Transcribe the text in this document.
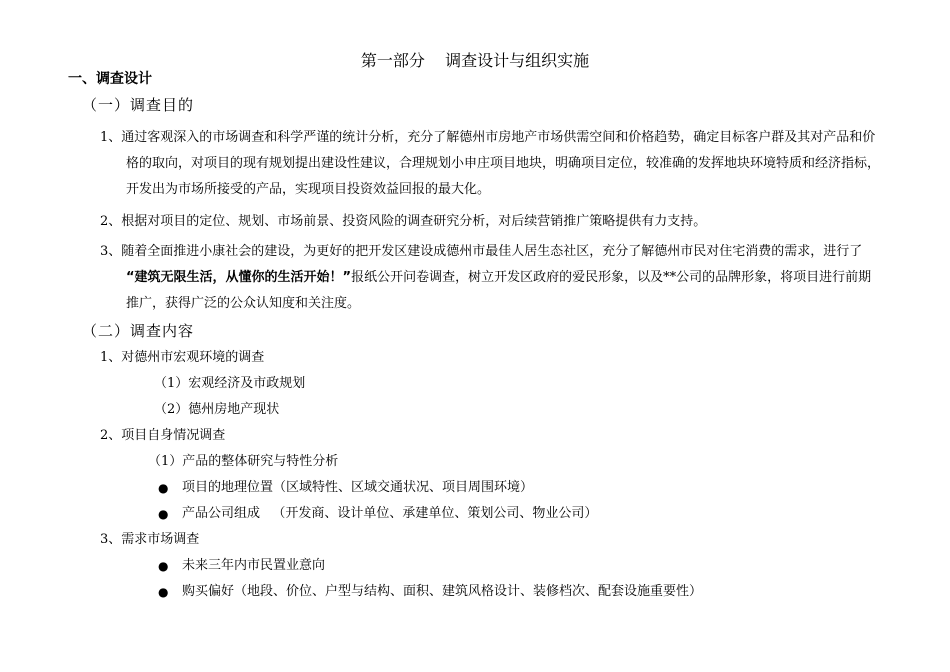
第一部分    调查设计与组织实施
一、调查设计
（一）调查目的
1、通过客观深入的市场调查和科学严谨的统计分析，充分了解德州市房地产市场供需空间和价格趋势，确定目标客户群及其对产品和价
格的取向，对项目的现有规划提出建设性建议，合理规划小申庄项目地块，明确项目定位，较准确的发挥地块环境特质和经济指标，
开发出为市场所接受的产品，实现项目投资效益回报的最大化。
2、根据对项目的定位、规划、市场前景、投资风险的调查研究分析，对后续营销推广策略提供有力支持。
3、随着全面推进小康社会的建设，为更好的把开发区建设成德州市最佳人居生态社区，充分了解德州市民对住宅消费的需求，进行了
“建筑无限生活，从懂你的生活开始！”报纸公开问卷调查，树立开发区政府的爱民形象，以及**公司的品牌形象，将项目进行前期
推广，获得广泛的公众认知度和关注度。
（二）调查内容
1、对德州市宏观环境的调查
（1）宏观经济及市政规划
（2）德州房地产现状
2、项目自身情况调查
（1）产品的整体研究与特性分析
● 项目的地理位置（区域特性、区域交通状况、项目周围环境）
● 产品公司组成   （开发商、设计单位、承建单位、策划公司、物业公司）
3、需求市场调查
● 未来三年内市民置业意向
● 购买偏好（地段、价位、户型与结构、面积、建筑风格设计、装修档次、配套设施重要性）
